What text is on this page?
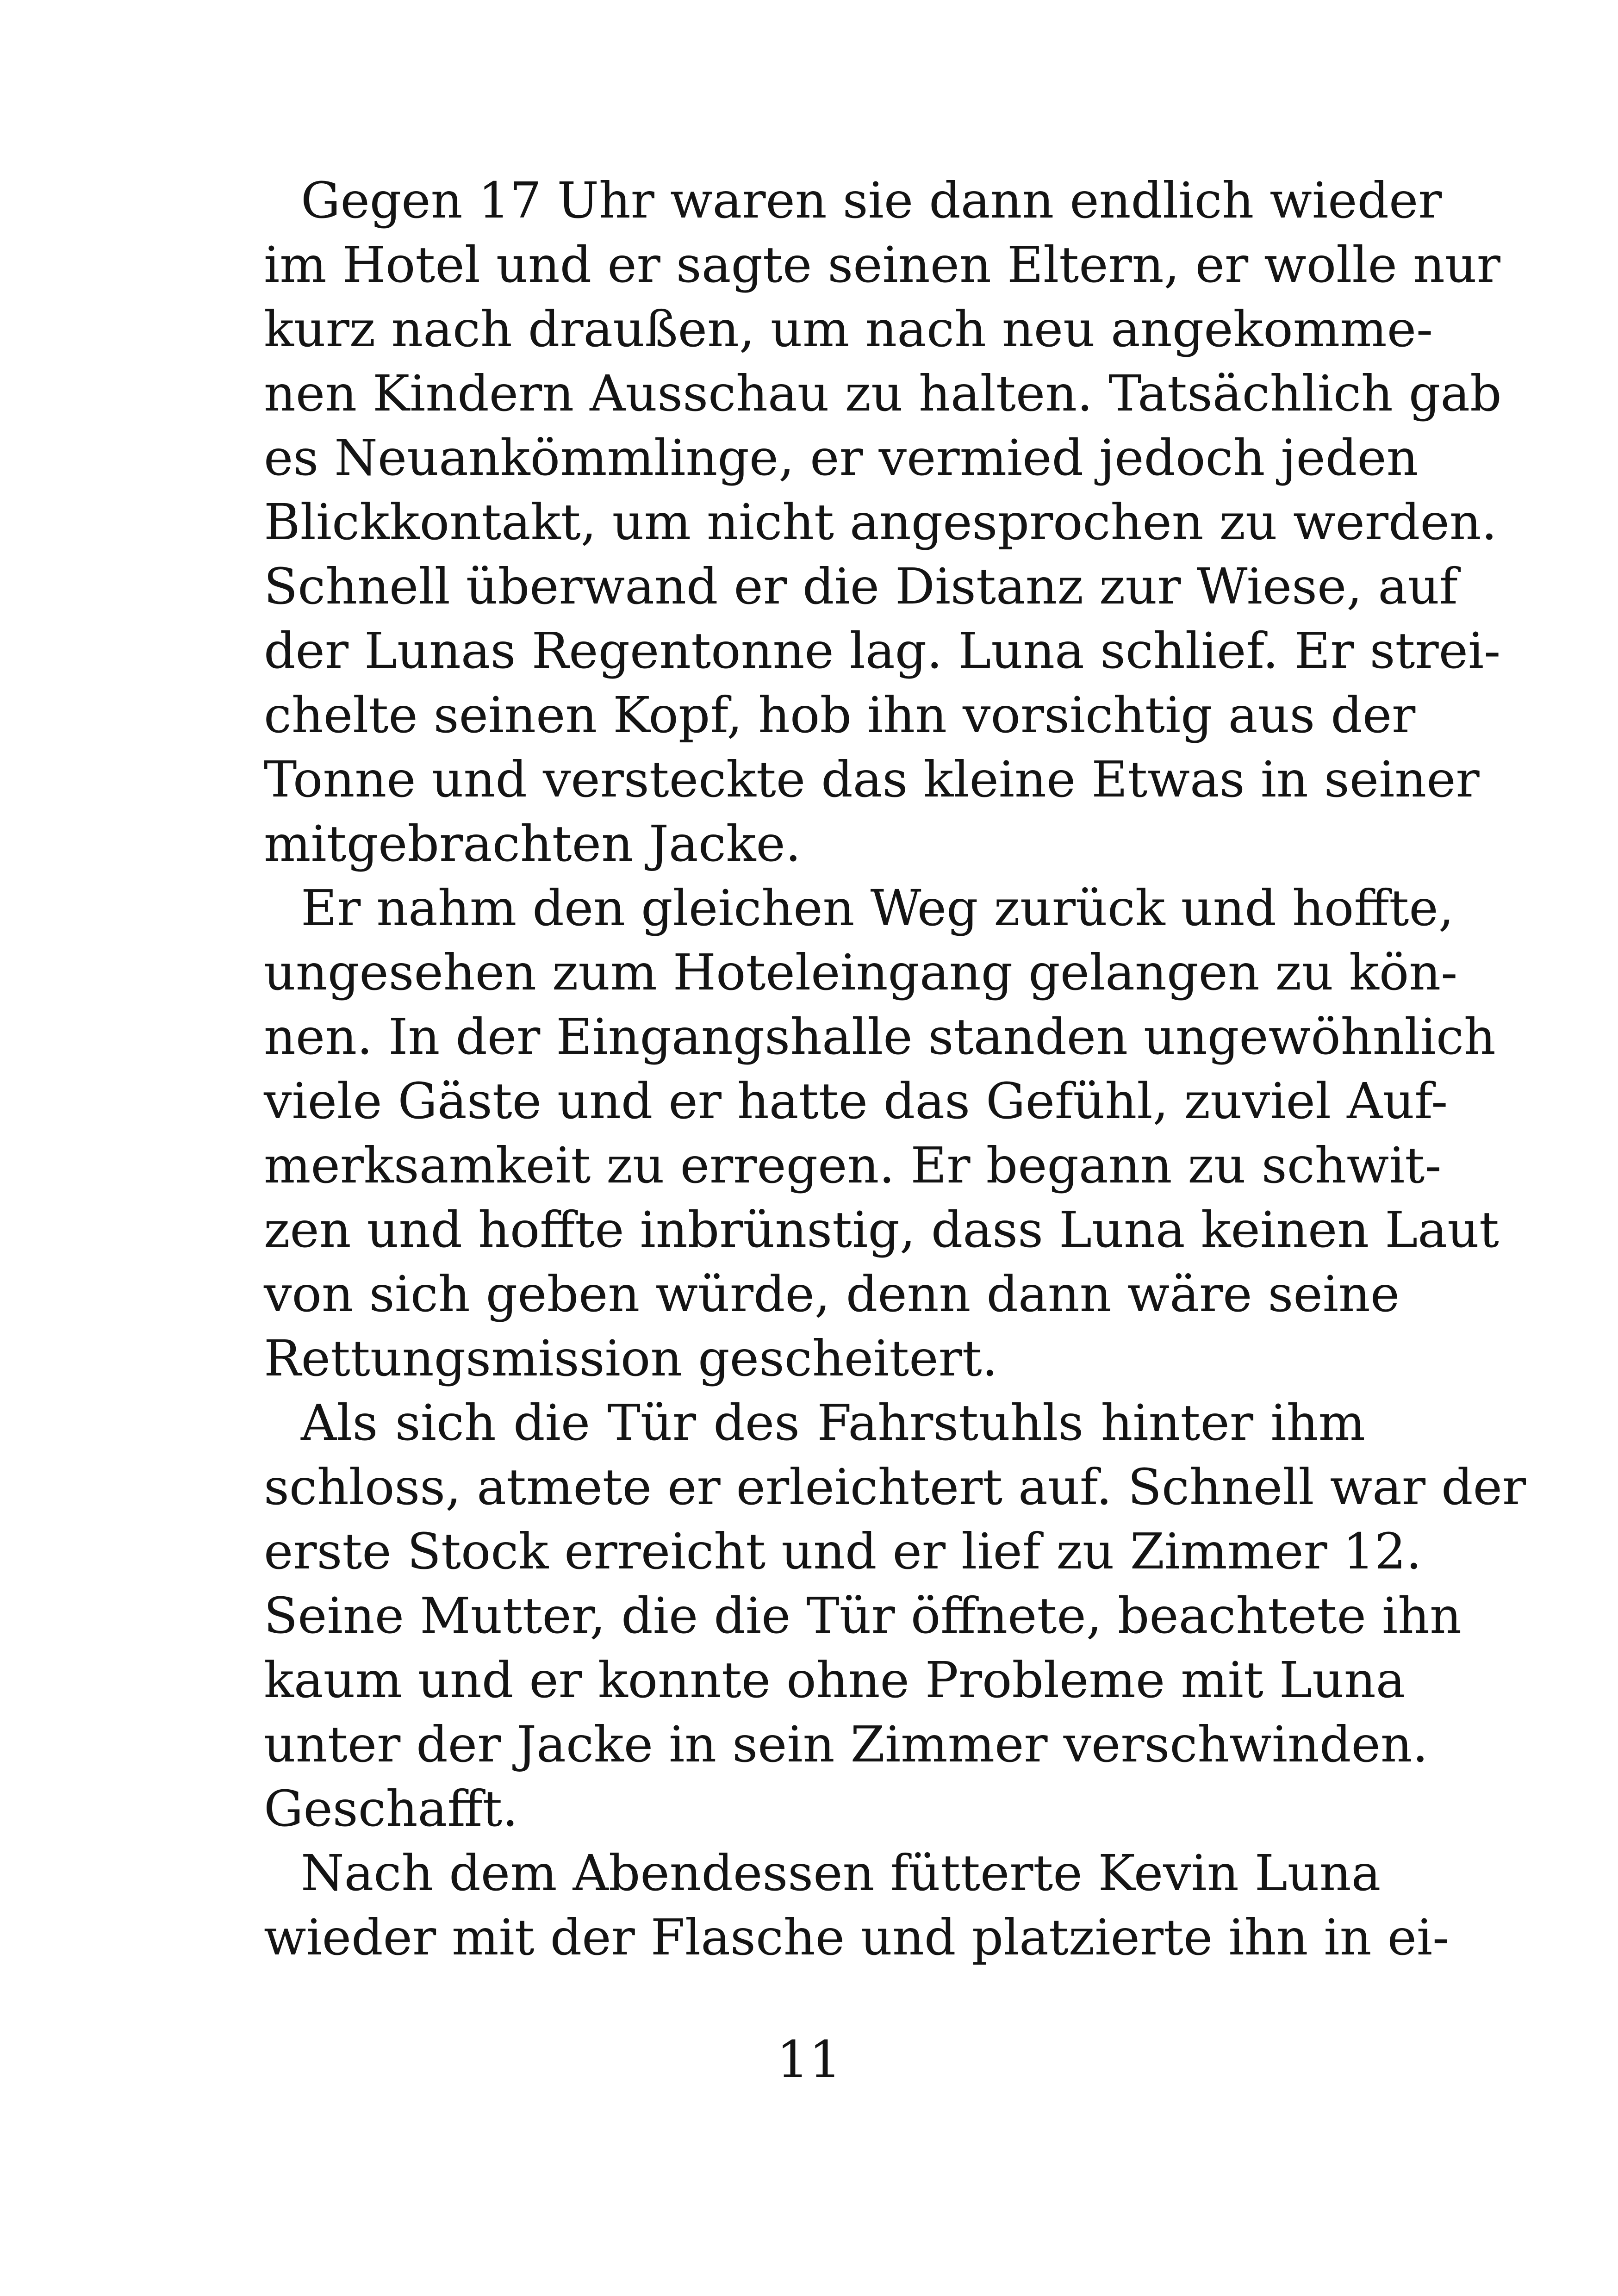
Gegen 17 Uhr waren sie dann endlich wieder
im Hotel und er sagte seinen Eltern, er wolle nur
kurz nach draußen, um nach neu angekomme-
nen Kindern Ausschau zu halten. Tatsächlich gab
es Neuankömmlinge, er vermied jedoch jeden
Blickkontakt, um nicht angesprochen zu werden.
Schnell überwand er die Distanz zur Wiese, auf
der Lunas Regentonne lag. Luna schlief. Er strei-
chelte seinen Kopf, hob ihn vorsichtig aus der
Tonne und versteckte das kleine Etwas in seiner
mitgebrachten Jacke.
Er nahm den gleichen Weg zurück und hoffte,
ungesehen zum Hoteleingang gelangen zu kön-
nen. In der Eingangshalle standen ungewöhnlich
viele Gäste und er hatte das Gefühl, zuviel Auf-
merksamkeit zu erregen. Er begann zu schwit-
zen und hoffte inbrünstig, dass Luna keinen Laut
von sich geben würde, denn dann wäre seine
Rettungsmission gescheitert.
Als sich die Tür des Fahrstuhls hinter ihm
schloss, atmete er erleichtert auf. Schnell war der
erste Stock erreicht und er lief zu Zimmer 12.
Seine Mutter, die die Tür öffnete, beachtete ihn
kaum und er konnte ohne Probleme mit Luna
unter der Jacke in sein Zimmer verschwinden.
Geschafft.
Nach dem Abendessen fütterte Kevin Luna
wieder mit der Flasche und platzierte ihn in ei-
11
